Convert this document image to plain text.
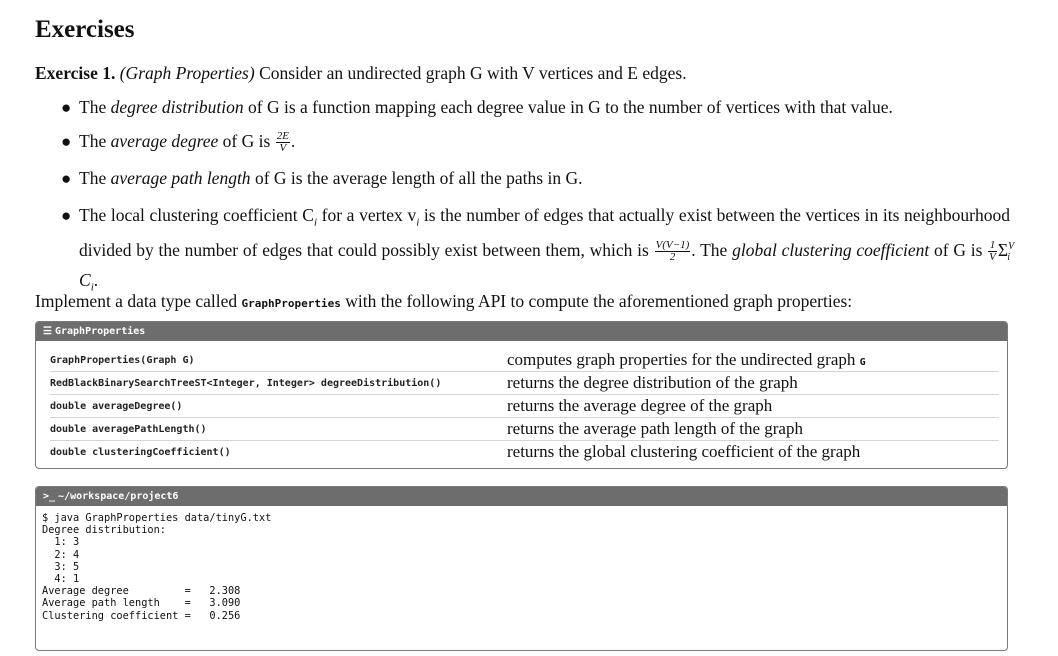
Exercises
Exercise 1. (Graph Properties) Consider an undirected graph G with V vertices and E edges.
● The degree distribution of G is a function mapping each degree value in G to the number of vertices with that value.
● The average degree of G is $\frac{2E}{V}$ .
● The average path length of G is the average length of all the paths in G.
● The local clustering coefficient $C_i$ for a vertex $v_i$ is the number of edges that actually exist between the vertices in its neighbourhood divided by the number of edges that could possibly exist between them, which is $\frac{V(V-1)}{2}$ . The global clustering coefficient of G is $\frac{1}{V} \Sigma^V_i$ $C_i$.
Implement a data type called GraphProperties with the following API to compute the aforementioned graph properties:
☰ GraphProperties
GraphProperties(Graph G)	computes graph properties for the undirected graph G
RedBlackBinarySearchTreeST<Integer, Integer> degreeDistribution()	returns the degree distribution of the graph
double averageDegree()	returns the average degree of the graph
double averagePathLength()	returns the average path length of the graph
double clusteringCoefficient()	returns the global clustering coefficient of the graph
>_ ~/workspace/project6
$ java GraphProperties data/tinyG.txt
Degree distribution:
1: 3
2: 4
3: 5
4: 1
Average degree         =   2.308
Average path length    =   3.090
Clustering coefficient =   0.256
